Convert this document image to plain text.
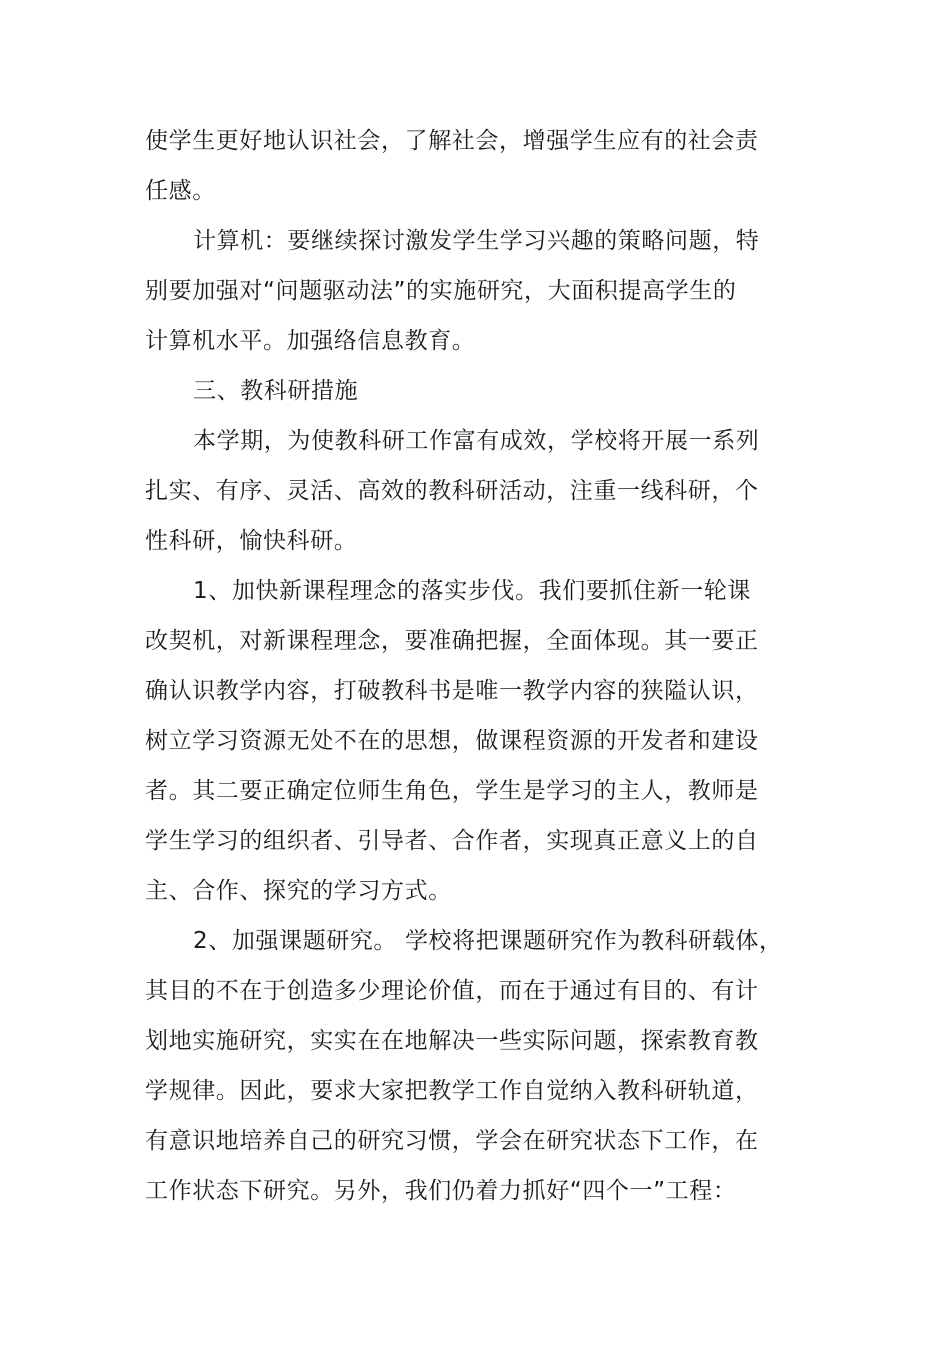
使学生更好地认识社会，了解社会，增强学生应有的社会责
任感。
计算机：要继续探讨激发学生学习兴趣的策略问题，特
别要加强对“问题驱动法”的实施研究，大面积提高学生的
计算机水平。加强络信息教育。
三、教科研措施
本学期，为使教科研工作富有成效，学校将开展一系列
扎实、有序、灵活、高效的教科研活动，注重一线科研，个
性科研，愉快科研。
1、加快新课程理念的落实步伐。我们要抓住新一轮课
改契机，对新课程理念，要准确把握，全面体现。其一要正
确认识教学内容，打破教科书是唯一教学内容的狭隘认识，
树立学习资源无处不在的思想，做课程资源的开发者和建设
者。其二要正确定位师生角色，学生是学习的主人，教师是
学生学习的组织者、引导者、合作者，实现真正意义上的自
主、合作、探究的学习方式。
2、加强课题研究。 学校将把课题研究作为教科研载体，
其目的不在于创造多少理论价值，而在于通过有目的、有计
划地实施研究，实实在在地解决一些实际问题，探索教育教
学规律。因此，要求大家把教学工作自觉纳入教科研轨道，
有意识地培养自己的研究习惯，学会在研究状态下工作，在
工作状态下研究。另外，我们仍着力抓好“四个一”工程：
